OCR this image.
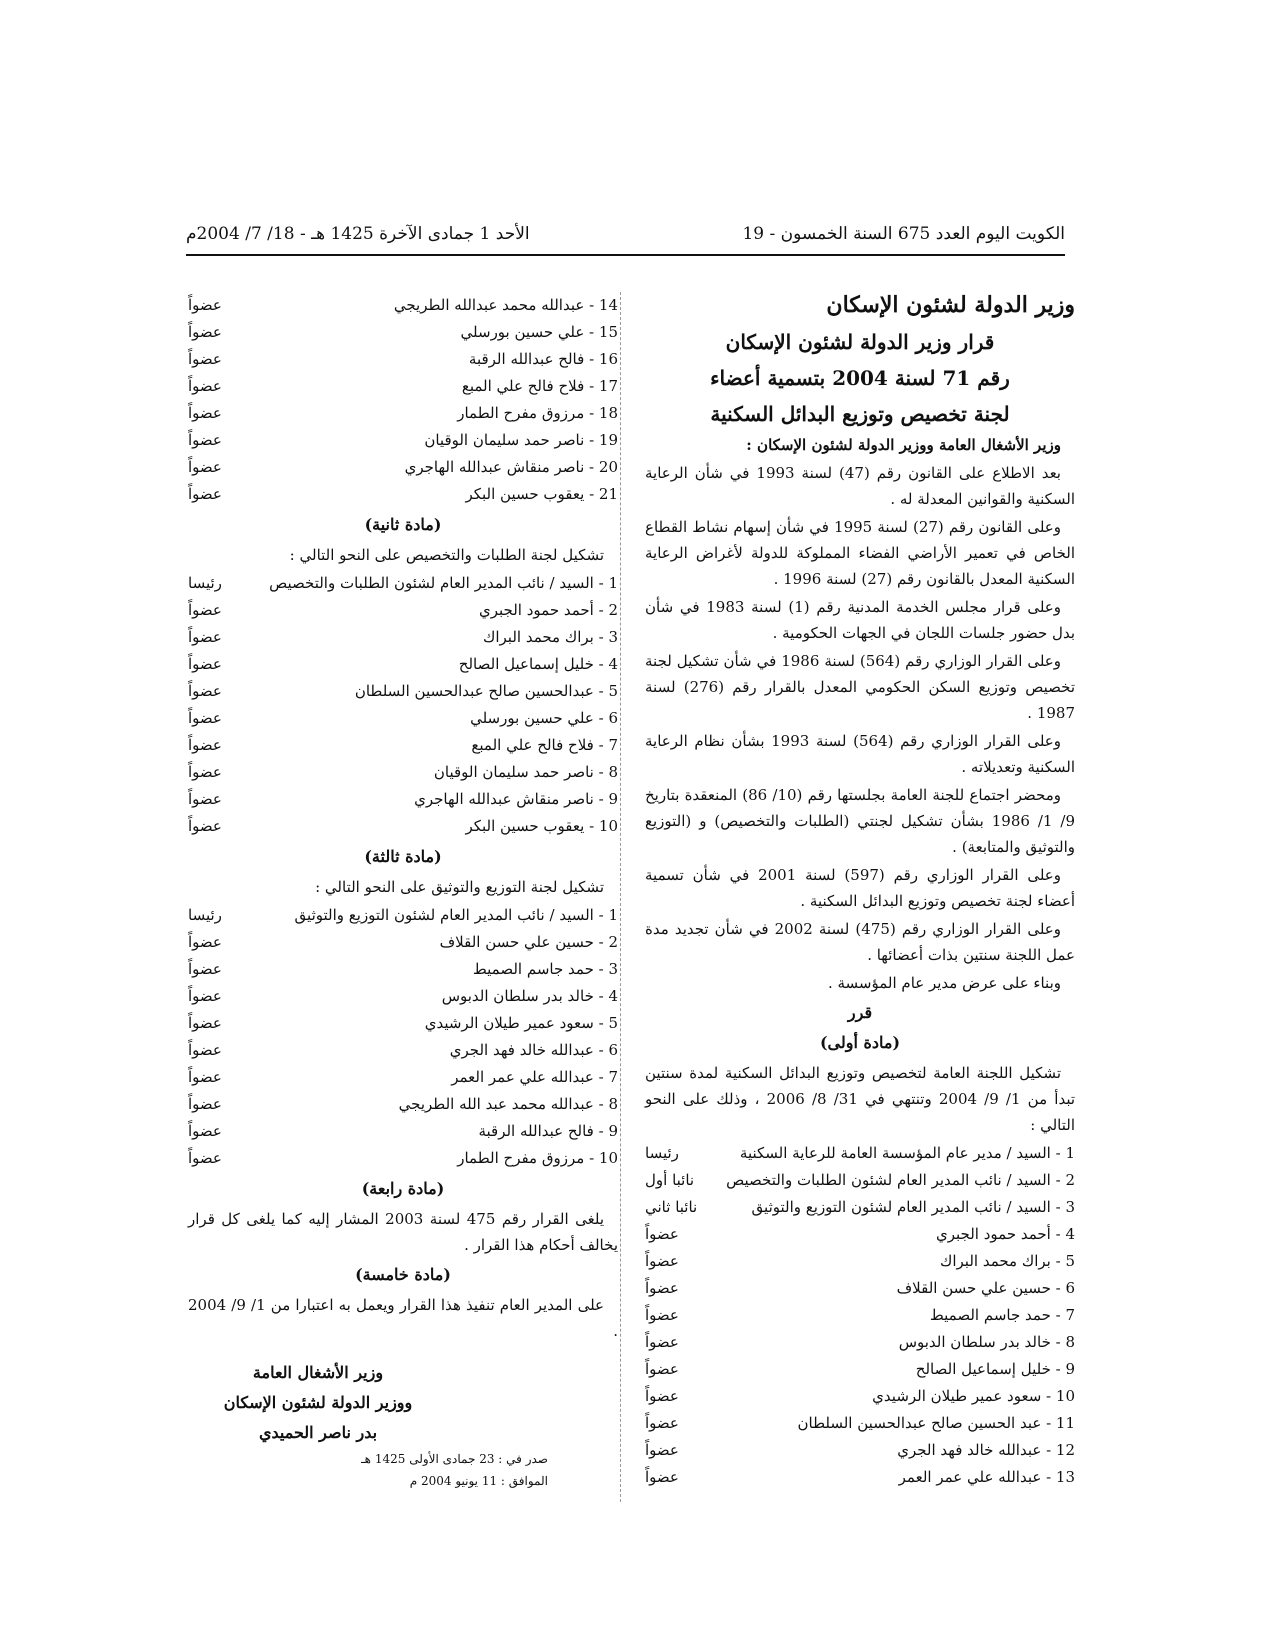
الكويت اليوم العدد 675 السنة الخمسون - 19
الأحد 1 جمادى الآخرة 1425 هـ - 18/ 7/ 2004م
وزير الدولة لشئون الإسكان

قرار وزير الدولة لشئون الإسكان

رقم 71 لسنة 2004 بتسمية أعضاء

لجنة تخصيص وتوزيع البدائل السكنية

وزير الأشغال العامة ووزير الدولة لشئون الإسكان :

بعد الاطلاع على القانون رقم (47) لسنة 1993 في شأن الرعاية السكنية والقوانين المعدلة له .

وعلى القانون رقم (27) لسنة 1995 في شأن إسهام نشاط القطاع الخاص في تعمير الأراضي الفضاء المملوكة للدولة لأغراض الرعاية السكنية المعدل بالقانون رقم (27) لسنة 1996 .

وعلى قرار مجلس الخدمة المدنية رقم (1) لسنة 1983 في شأن بدل حضور جلسات اللجان في الجهات الحكومية .

وعلى القرار الوزاري رقم (564) لسنة 1986 في شأن تشكيل لجنة تخصيص وتوزيع السكن الحكومي المعدل بالقرار رقم (276) لسنة 1987 .

وعلى القرار الوزاري رقم (564) لسنة 1993 بشأن نظام الرعاية السكنية وتعديلاته .

ومحضر اجتماع للجنة العامة بجلستها رقم (10/ 86) المنعقدة بتاريخ 9/ 1/ 1986 بشأن تشكيل لجنتي (الطلبات والتخصيص) و (التوزيع والتوثيق والمتابعة) .

وعلى القرار الوزاري رقم (597) لسنة 2001 في شأن تسمية أعضاء لجنة تخصيص وتوزيع البدائل السكنية .

وعلى القرار الوزاري رقم (475) لسنة 2002 في شأن تجديد مدة عمل اللجنة سنتين بذات أعضائها .

وبناء على عرض مدير عام المؤسسة .

قرر
(مادة أولى)

تشكيل اللجنة العامة لتخصيص وتوزيع البدائل السكنية لمدة سنتين تبدأ من 1/ 9/ 2004 وتنتهي في 31/ 8/ 2006 ، وذلك على النحو التالي :

1 - السيد / مدير عام المؤسسة العامة للرعاية السكنية
رئيسا
2 - السيد / نائب المدير العام لشئون الطلبات والتخصيص
نائبا أول
3 - السيد / نائب المدير العام لشئون التوزيع والتوثيق
نائبا ثاني
4 - أحمد حمود الجبري
عضواً
5 - براك محمد البراك
عضواً
6 - حسين علي حسن القلاف
عضواً
7 - حمد جاسم الصميط
عضواً
8 - خالد بدر سلطان الدبوس
عضواً
9 - خليل إسماعيل الصالح
عضواً
10 - سعود عمير طيلان الرشيدي
عضواً
11 - عبد الحسين صالح عبدالحسين السلطان
عضواً
12 - عبدالله خالد فهد الجري
عضواً
13 - عبدالله علي عمر العمر
عضواً
14 - عبدالله محمد عبدالله الطريجي
عضواً
15 - علي حسين بورسلي
عضواً
16 - فالح عبدالله الرقبة
عضواً
17 - فلاح فالح علي المبع
عضواً
18 - مرزوق مفرح الطمار
عضواً
19 - ناصر حمد سليمان الوقيان
عضواً
20 - ناصر منقاش عبدالله الهاجري
عضواً
21 - يعقوب حسين البكر
عضواً
(مادة ثانية)

تشكيل لجنة الطلبات والتخصيص على النحو التالي :

1 - السيد / نائب المدير العام لشئون الطلبات والتخصيص
رئيسا
2 - أحمد حمود الجبري
عضواً
3 - براك محمد البراك
عضواً
4 - خليل إسماعيل الصالح
عضواً
5 - عبدالحسين صالح عبدالحسين السلطان
عضواً
6 - علي حسين بورسلي
عضواً
7 - فلاح فالح علي المبع
عضواً
8 - ناصر حمد سليمان الوقيان
عضواً
9 - ناصر منقاش عبدالله الهاجري
عضواً
10 - يعقوب حسين البكر
عضواً
(مادة ثالثة)

تشكيل لجنة التوزيع والتوثيق على النحو التالي :

1 - السيد / نائب المدير العام لشئون التوزيع والتوثيق
رئيسا
2 - حسين علي حسن القلاف
عضواً
3 - حمد جاسم الصميط
عضواً
4 - خالد بدر سلطان الدبوس
عضواً
5 - سعود عمير طيلان الرشيدي
عضواً
6 - عبدالله خالد فهد الجري
عضواً
7 - عبدالله علي عمر العمر
عضواً
8 - عبدالله محمد عبد الله الطريجي
عضواً
9 - فالح عبدالله الرقبة
عضواً
10 - مرزوق مفرح الطمار
عضواً
(مادة رابعة)

يلغى القرار رقم 475 لسنة 2003 المشار إليه كما يلغى كل قرار يخالف أحكام هذا القرار .

(مادة خامسة)

على المدير العام تنفيذ هذا القرار ويعمل به اعتبارا من 1/ 9/ 2004 .

وزير الأشغال العامة
ووزير الدولة لشئون الإسكان
بدر ناصر الحميدي
صدر في : 23 جمادى الأولى 1425 هـ
الموافق : 11 يونيو 2004 م
